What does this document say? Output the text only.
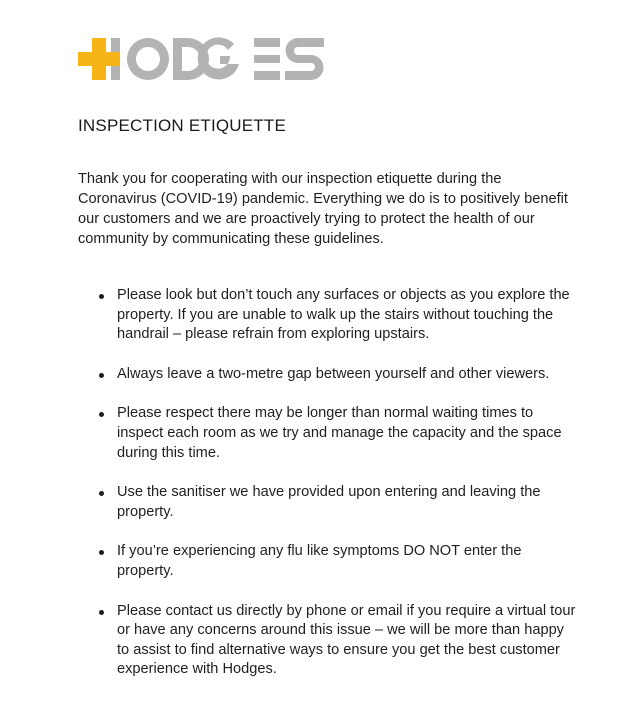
INSPECTION ETIQUETTE

Thank you for cooperating with our inspection etiquette during the Coronavirus (COVID-19) pandemic. Everything we do is to positively benefit our customers and we are proactively trying to protect the health of our community by communicating these guidelines.

Please look but don’t touch any surfaces or objects as you explore the property. If you are unable to walk up the stairs without touching the handrail – please refrain from exploring upstairs.
Always leave a two-metre gap between yourself and other viewers.
Please respect there may be longer than normal waiting times to inspect each room as we try and manage the capacity and the space during this time.
Use the sanitiser we have provided upon entering and leaving the property.
If you’re experiencing any flu like symptoms DO NOT enter the property.
Please contact us directly by phone or email if you require a virtual tour or have any concerns around this issue – we will be more than happy to assist to find alternative ways to ensure you get the best customer experience with Hodges.
